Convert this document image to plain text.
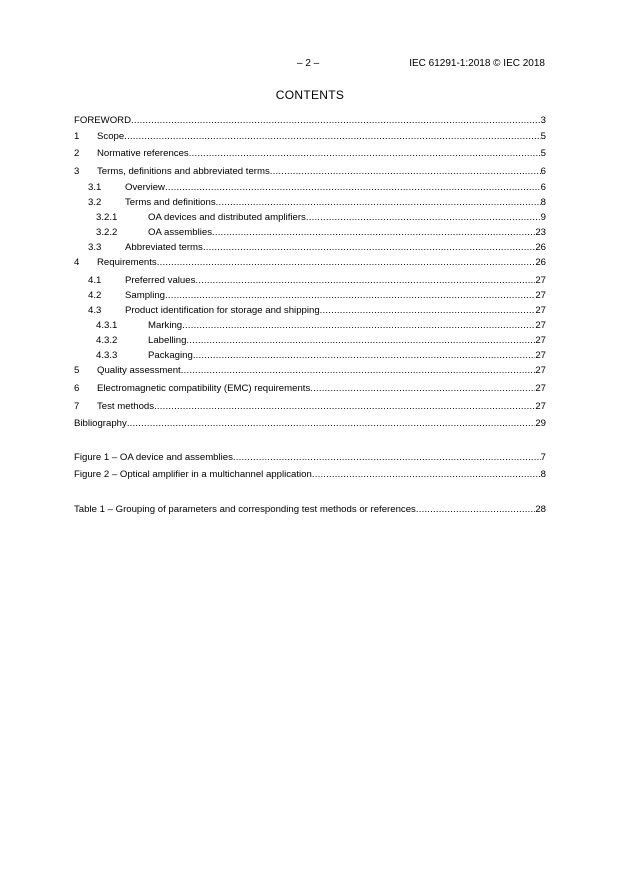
– 2 –	IEC 61291-1:2018 © IEC 2018
CONTENTS
FOREWORD .....	3
1	Scope .....	5
2	Normative references .....	5
3	Terms, definitions and abbreviated terms .....	6
3.1	Overview .....	6
3.2	Terms and definitions .....	8
3.2.1	OA devices and distributed amplifiers .....	9
3.2.2	OA assemblies .....	23
3.3	Abbreviated terms .....	26
4	Requirements .....	26
4.1	Preferred values .....	27
4.2	Sampling .....	27
4.3	Product identification for storage and shipping .....	27
4.3.1	Marking .....	27
4.3.2	Labelling .....	27
4.3.3	Packaging .....	27
5	Quality assessment .....	27
6	Electromagnetic compatibility (EMC) requirements .....	27
7	Test methods .....	27
Bibliography .....	29
Figure 1 – OA device and assemblies .....	7
Figure 2 – Optical amplifier in a multichannel application .....	8
Table 1 – Grouping of parameters and corresponding test methods or references .....	28
